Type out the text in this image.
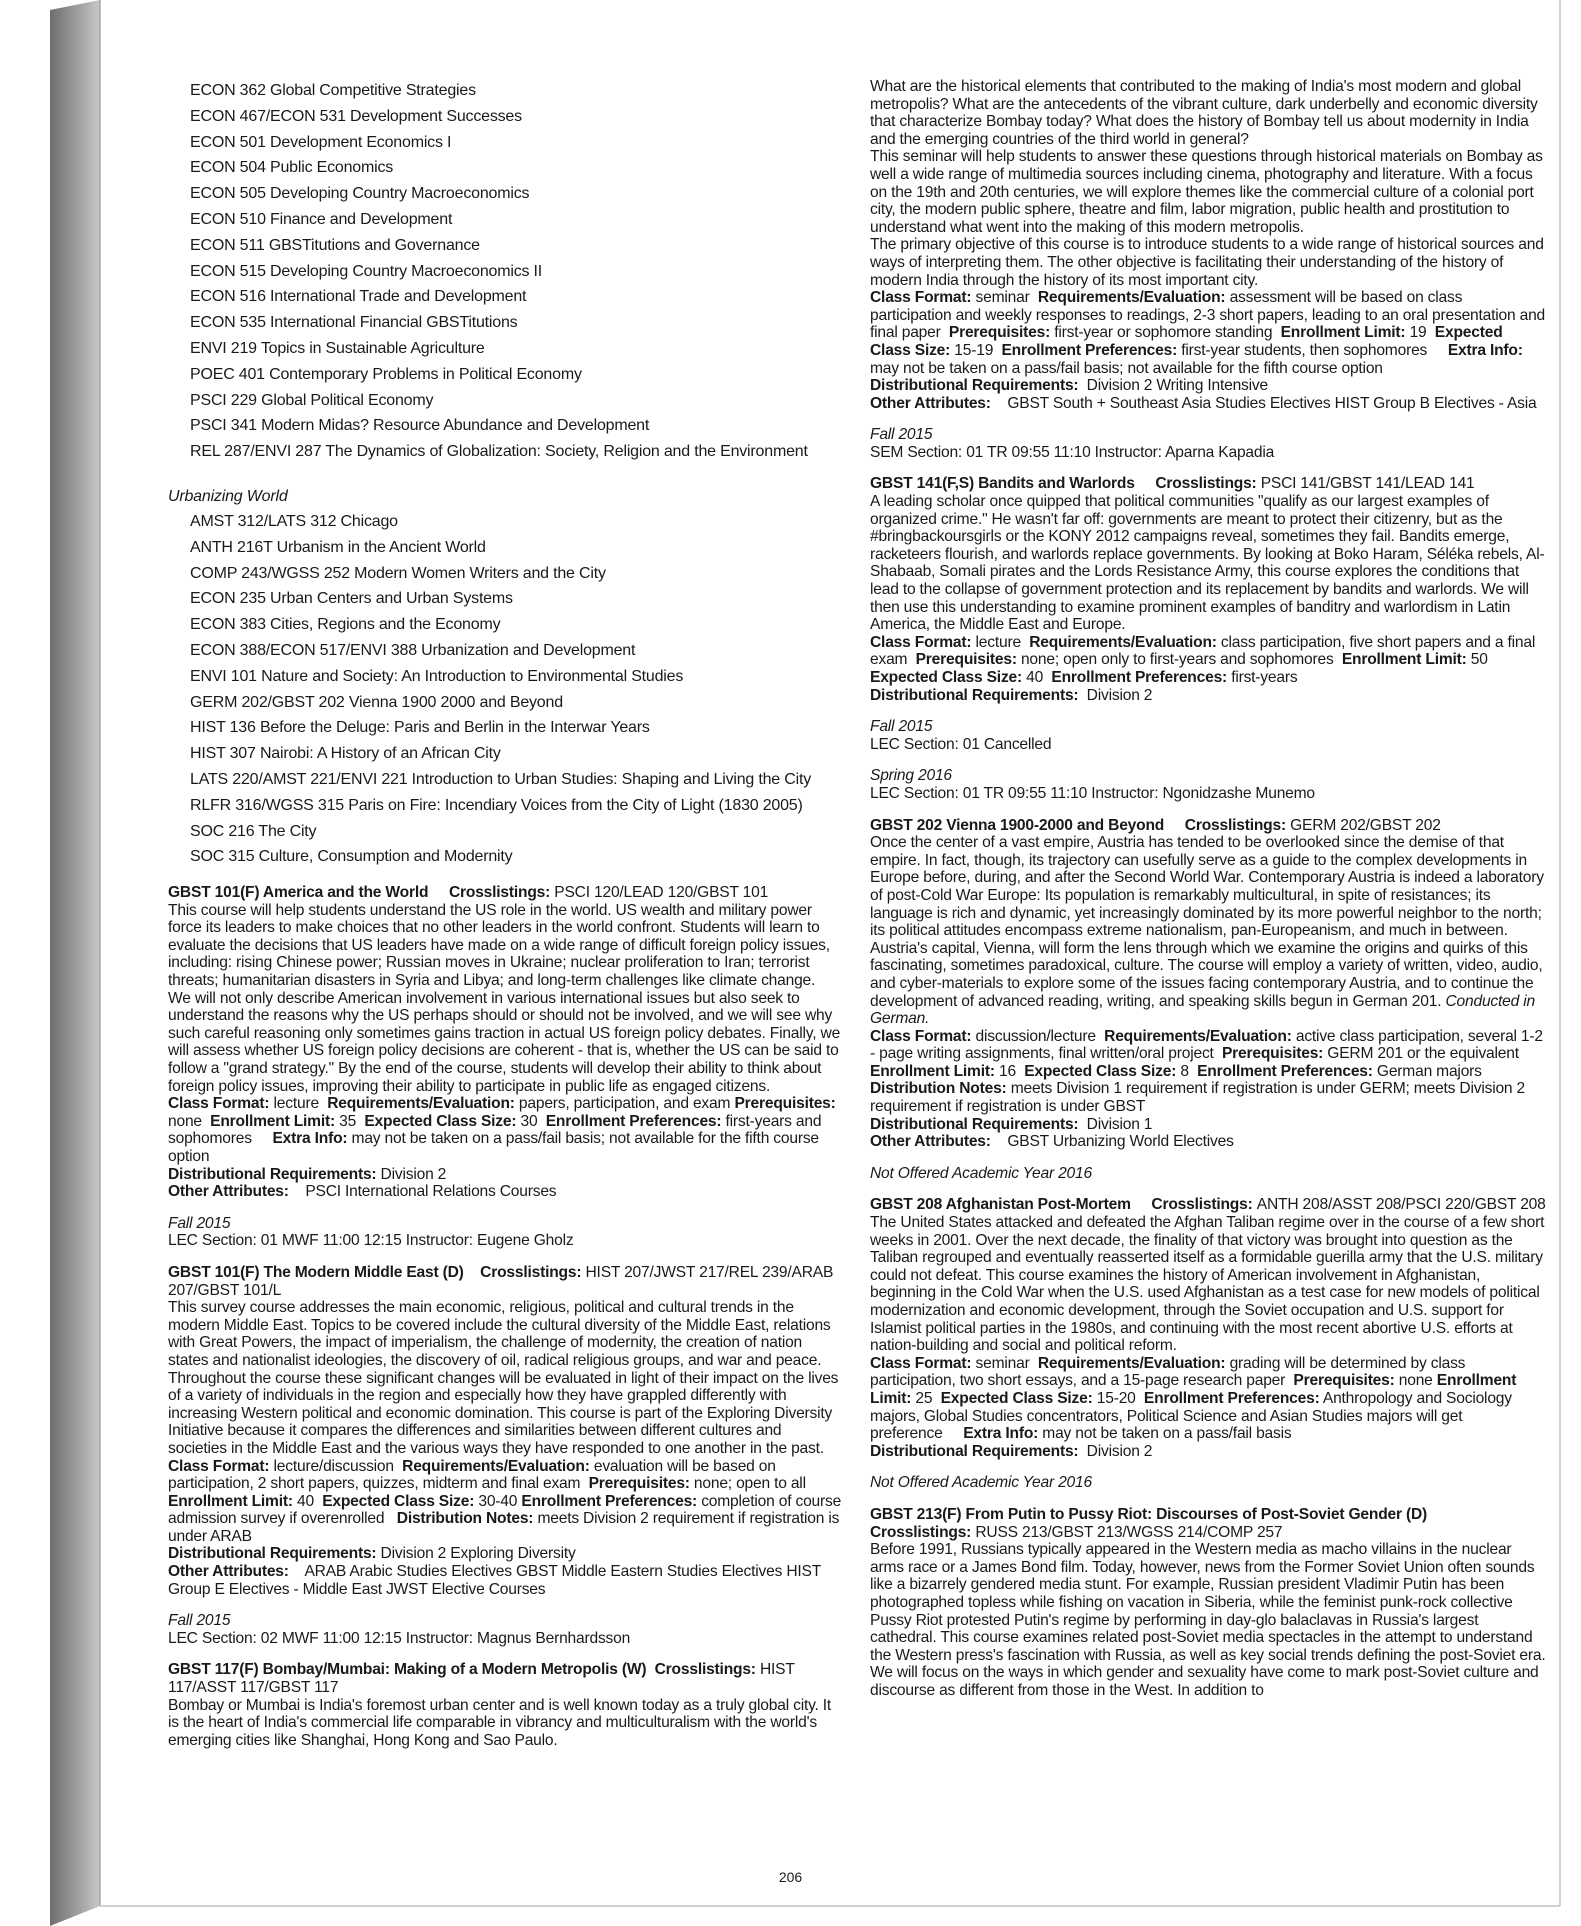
ECON 362 Global Competitive Strategies
ECON 467/ECON 531 Development Successes
ECON 501 Development Economics I
ECON 504 Public Economics
ECON 505 Developing Country Macroeconomics
ECON 510 Finance and Development
ECON 511 GBSTitutions and Governance
ECON 515 Developing Country Macroeconomics II
ECON 516 International Trade and Development
ECON 535 International Financial GBSTitutions
ENVI 219 Topics in Sustainable Agriculture
POEC 401 Contemporary Problems in Political Economy
PSCI 229 Global Political Economy
PSCI 341 Modern Midas? Resource Abundance and Development
REL 287/ENVI 287 The Dynamics of Globalization: Society, Religion and the Environment
Urbanizing World
AMST 312/LATS 312 Chicago
ANTH 216T Urbanism in the Ancient World
COMP 243/WGSS 252 Modern Women Writers and the City
ECON 235 Urban Centers and Urban Systems
ECON 383 Cities, Regions and the Economy
ECON 388/ECON 517/ENVI 388 Urbanization and Development
ENVI 101 Nature and Society: An Introduction to Environmental Studies
GERM 202/GBST 202 Vienna 1900 2000 and Beyond
HIST 136 Before the Deluge: Paris and Berlin in the Interwar Years
HIST 307 Nairobi: A History of an African City
LATS 220/AMST 221/ENVI 221 Introduction to Urban Studies: Shaping and Living the City
RLFR 316/WGSS 315 Paris on Fire: Incendiary Voices from the City of Light (1830 2005)
SOC 216 The City
SOC 315 Culture, Consumption and Modernity
GBST 101(F) America and the World Crosslistings: PSCI 120/LEAD 120/GBST 101

This course will help students understand the US role in the world. US wealth and military power force its leaders to make choices that no other leaders in the world confront. Students will learn to evaluate the decisions that US leaders have made on a wide range of difficult foreign policy issues, including: rising Chinese power; Russian moves in Ukraine; nuclear proliferation to Iran; terrorist threats; humanitarian disasters in Syria and Libya; and long-term challenges like climate change.

We will not only describe American involvement in various international issues but also seek to understand the reasons why the US perhaps should or should not be involved, and we will see why such careful reasoning only sometimes gains traction in actual US foreign policy debates. Finally, we will assess whether US foreign policy decisions are coherent - that is, whether the US can be said to follow a "grand strategy." By the end of the course, students will develop their ability to think about foreign policy issues, improving their ability to participate in public life as engaged citizens.

Class Format: lecture Requirements/Evaluation: papers, participation, and exam Prerequisites: none Enrollment Limit: 35 Expected Class Size: 30 Enrollment Preferences: first-years and sophomores Extra Info: may not be taken on a pass/fail basis; not available for the fifth course option
Distributional Requirements: Division 2
Other Attributes: PSCI International Relations Courses
Fall 2015
LEC Section: 01 MWF 11:00 12:15 Instructor: Eugene Gholz
GBST 101(F) The Modern Middle East (D) Crosslistings: HIST 207/JWST 217/REL 239/ARAB 207/GBST 101/L

This survey course addresses the main economic, religious, political and cultural trends in the modern Middle East. Topics to be covered include the cultural diversity of the Middle East, relations with Great Powers, the impact of imperialism, the challenge of modernity, the creation of nation states and nationalist ideologies, the discovery of oil, radical religious groups, and war and peace. Throughout the course these significant changes will be evaluated in light of their impact on the lives of a variety of individuals in the region and especially how they have grappled differently with increasing Western political and economic domination. This course is part of the Exploring Diversity Initiative because it compares the differences and similarities between different cultures and societies in the Middle East and the various ways they have responded to one another in the past.

Class Format: lecture/discussion Requirements/Evaluation: evaluation will be based on participation, 2 short papers, quizzes, midterm and final exam Prerequisites: none; open to all Enrollment Limit: 40 Expected Class Size: 30-40 Enrollment Preferences: completion of course admission survey if overenrolled Distribution Notes: meets Division 2 requirement if registration is under ARAB
Distributional Requirements: Division 2 Exploring Diversity
Other Attributes: ARAB Arabic Studies Electives GBST Middle Eastern Studies Electives HIST Group E Electives - Middle East JWST Elective Courses
Fall 2015
LEC Section: 02 MWF 11:00 12:15 Instructor: Magnus Bernhardsson
GBST 117(F) Bombay/Mumbai: Making of a Modern Metropolis (W) Crosslistings: HIST 117/ASST 117/GBST 117

Bombay or Mumbai is India's foremost urban center and is well known today as a truly global city. It is the heart of India's commercial life comparable in vibrancy and multiculturalism with the world's emerging cities like Shanghai, Hong Kong and Sao Paulo.

What are the historical elements that contributed to the making of India's most modern and global metropolis? What are the antecedents of the vibrant culture, dark underbelly and economic diversity that characterize Bombay today? What does the history of Bombay tell us about modernity in India and the emerging countries of the third world in general?

This seminar will help students to answer these questions through historical materials on Bombay as well a wide range of multimedia sources including cinema, photography and literature. With a focus on the 19th and 20th centuries, we will explore themes like the commercial culture of a colonial port city, the modern public sphere, theatre and film, labor migration, public health and prostitution to understand what went into the making of this modern metropolis.

The primary objective of this course is to introduce students to a wide range of historical sources and ways of interpreting them. The other objective is facilitating their understanding of the history of modern India through the history of its most important city.

Class Format: seminar Requirements/Evaluation: assessment will be based on class participation and weekly responses to readings, 2-3 short papers, leading to an oral presentation and final paper Prerequisites: first-year or sophomore standing Enrollment Limit: 19 Expected Class Size: 15-19 Enrollment Preferences: first-year students, then sophomores Extra Info: may not be taken on a pass/fail basis; not available for the fifth course option
Distributional Requirements: Division 2 Writing Intensive
Other Attributes: GBST South + Southeast Asia Studies Electives HIST Group B Electives - Asia
Fall 2015
SEM Section: 01 TR 09:55 11:10 Instructor: Aparna Kapadia
GBST 141(F,S) Bandits and Warlords Crosslistings: PSCI 141/GBST 141/LEAD 141

A leading scholar once quipped that political communities "qualify as our largest examples of organized crime." He wasn't far off: governments are meant to protect their citizenry, but as the #bringbackoursgirls or the KONY 2012 campaigns reveal, sometimes they fail. Bandits emerge, racketeers flourish, and warlords replace governments. By looking at Boko Haram, Séléka rebels, Al-Shabaab, Somali pirates and the Lords Resistance Army, this course explores the conditions that lead to the collapse of government protection and its replacement by bandits and warlords. We will then use this understanding to examine prominent examples of banditry and warlordism in Latin America, the Middle East and Europe.

Class Format: lecture Requirements/Evaluation: class participation, five short papers and a final exam Prerequisites: none; open only to first-years and sophomores Enrollment Limit: 50  Expected Class Size: 40 Enrollment Preferences: first-years
Distributional Requirements: Division 2
Fall 2015
LEC Section: 01 Cancelled
Spring 2016
LEC Section: 01 TR 09:55 11:10 Instructor: Ngonidzashe Munemo
GBST 202 Vienna 1900-2000 and Beyond Crosslistings: GERM 202/GBST 202

Once the center of a vast empire, Austria has tended to be overlooked since the demise of that empire. In fact, though, its trajectory can usefully serve as a guide to the complex developments in Europe before, during, and after the Second World War. Contemporary Austria is indeed a laboratory of post-Cold War Europe: Its population is remarkably multicultural, in spite of resistances; its language is rich and dynamic, yet increasingly dominated by its more powerful neighbor to the north; its political attitudes encompass extreme nationalism, pan-Europeanism, and much in between. Austria's capital, Vienna, will form the lens through which we examine the origins and quirks of this fascinating, sometimes paradoxical, culture. The course will employ a variety of written, video, audio, and cyber-materials to explore some of the issues facing contemporary Austria, and to continue the development of advanced reading, writing, and speaking skills begun in German 201. Conducted in German.

Class Format: discussion/lecture Requirements/Evaluation: active class participation, several 1-2 - page writing assignments, final written/oral project Prerequisites: GERM 201 or the equivalent  Enrollment Limit: 16 Expected Class Size: 8 Enrollment Preferences: German majors    Distribution Notes: meets Division 1 requirement if registration is under GERM; meets Division 2 requirement if registration is under GBST
Distributional Requirements: Division 1
Other Attributes: GBST Urbanizing World Electives
Not Offered Academic Year 2016
GBST 208 Afghanistan Post-Mortem Crosslistings: ANTH 208/ASST 208/PSCI 220/GBST 208

The United States attacked and defeated the Afghan Taliban regime over in the course of a few short weeks in 2001. Over the next decade, the finality of that victory was brought into question as the Taliban regrouped and eventually reasserted itself as a formidable guerilla army that the U.S. military could not defeat. This course examines the history of American involvement in Afghanistan, beginning in the Cold War when the U.S. used Afghanistan as a test case for new models of political modernization and economic development, through the Soviet occupation and U.S. support for Islamist political parties in the 1980s, and continuing with the most recent abortive U.S. efforts at nation-building and social and political reform.

Class Format: seminar Requirements/Evaluation: grading will be determined by class participation, two short essays, and a 15-page research paper Prerequisites: none Enrollment Limit: 25 Expected Class Size: 15-20 Enrollment Preferences: Anthropology and Sociology majors, Global Studies concentrators, Political Science and Asian Studies majors will get preference Extra Info: may not be taken on a pass/fail basis
Distributional Requirements: Division 2
Not Offered Academic Year 2016
GBST 213(F) From Putin to Pussy Riot: Discourses of Post-Soviet Gender (D)
Crosslistings: RUSS 213/GBST 213/WGSS 214/COMP 257

Before 1991, Russians typically appeared in the Western media as macho villains in the nuclear arms race or a James Bond film. Today, however, news from the Former Soviet Union often sounds like a bizarrely gendered media stunt. For example, Russian president Vladimir Putin has been photographed topless while fishing on vacation in Siberia, while the feminist punk-rock collective Pussy Riot protested Putin's regime by performing in day-glo balaclavas in Russia's largest cathedral. This course examines related post-Soviet media spectacles in the attempt to understand the Western press's fascination with Russia, as well as key social trends defining the post-Soviet era. We will focus on the ways in which gender and sexuality have come to mark post-Soviet culture and discourse as different from those in the West. In addition to

206
